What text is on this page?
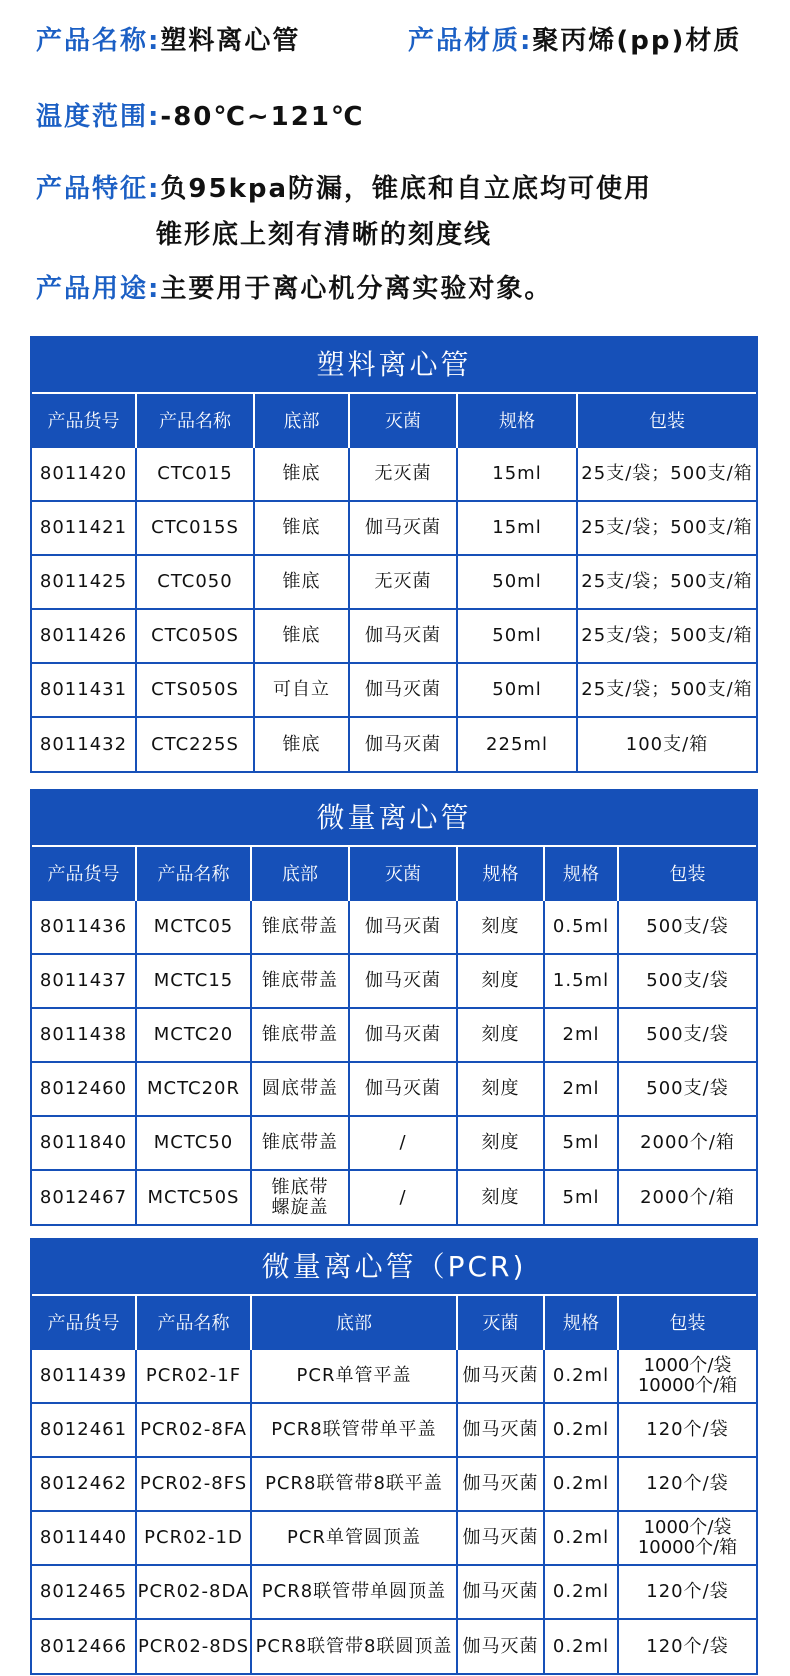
产品名称:塑料离心管	产品材质:聚丙烯(pp)材质
温度范围:-80℃~121℃
产品特征:负95kpa防漏，锥底和自立底均可使用
锥形底上刻有清晰的刻度线
产品用途:主要用于离心机分离实验对象。
塑料离心管
产品货号	产品名称	底部	灭菌	规格	包装
8011420	CTC015	锥底	无灭菌	15ml	25支/袋；500支/箱
8011421	CTC015S	锥底	伽马灭菌	15ml	25支/袋；500支/箱
8011425	CTC050	锥底	无灭菌	50ml	25支/袋；500支/箱
8011426	CTC050S	锥底	伽马灭菌	50ml	25支/袋；500支/箱
8011431	CTS050S	可自立	伽马灭菌	50ml	25支/袋；500支/箱
8011432	CTC225S	锥底	伽马灭菌	225ml	100支/箱
微量离心管
产品货号	产品名称	底部	灭菌	规格	规格	包装
8011436	MCTC05	锥底带盖	伽马灭菌	刻度	0.5ml	500支/袋
8011437	MCTC15	锥底带盖	伽马灭菌	刻度	1.5ml	500支/袋
8011438	MCTC20	锥底带盖	伽马灭菌	刻度	2ml	500支/袋
8012460	MCTC20R	圆底带盖	伽马灭菌	刻度	2ml	500支/袋
8011840	MCTC50	锥底带盖	/	刻度	5ml	2000个/箱
8012467	MCTC50S	锥底带
螺旋盖	/	刻度	5ml	2000个/箱
微量离心管（PCR)
产品货号	产品名称	底部	灭菌	规格	包装
8011439	PCR02-1F	PCR单管平盖	伽马灭菌	0.2ml	1000个/袋
10000个/箱
8012461	PCR02-8FA	PCR8联管带单平盖	伽马灭菌	0.2ml	120个/袋
8012462	PCR02-8FS	PCR8联管带8联平盖	伽马灭菌	0.2ml	120个/袋
8011440	PCR02-1D	PCR单管圆顶盖	伽马灭菌	0.2ml	1000个/袋
10000个/箱
8012465	PCR02-8DA	PCR8联管带单圆顶盖	伽马灭菌	0.2ml	120个/袋
8012466	PCR02-8DS	PCR8联管带8联圆顶盖	伽马灭菌	0.2ml	120个/袋
